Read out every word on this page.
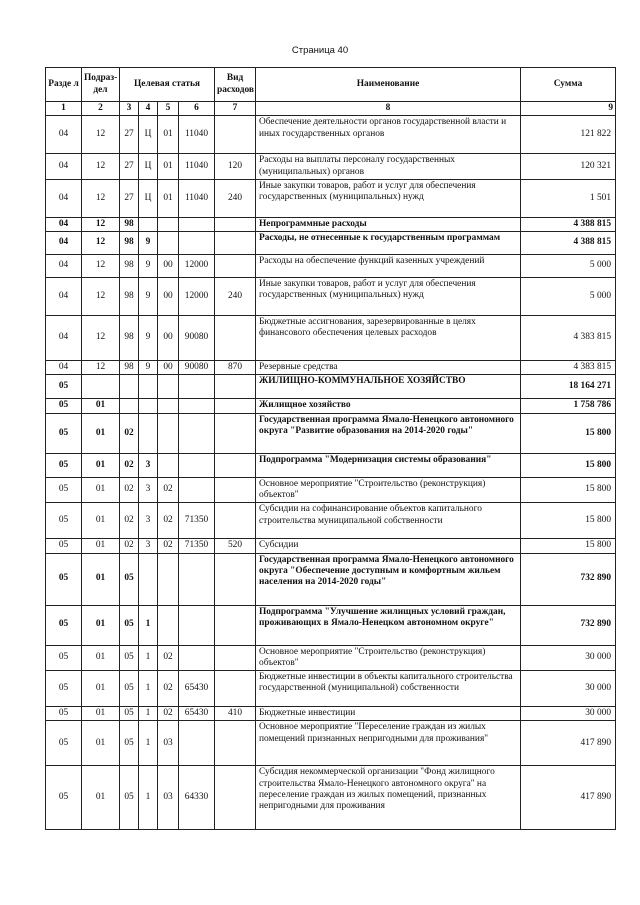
Страница 40
Разде л	Подраз-дел	Целевая статья				Вид расходов	Наименование	Сумма
1	2	3	4	5	6	7	8	9
04	12	27	Ц	01	11040		Обеспечение деятельности органов государственной власти и иных государственных органов	121 822
04	12	27	Ц	01	11040	120	Расходы на выплаты персоналу государственных (муниципальных) органов	120 321
04	12	27	Ц	01	11040	240	Иные закупки товаров, работ и услуг для обеспечения государственных (муниципальных) нужд	1 501
04	12	98					Непрограммные расходы	4 388 815
04	12	98	9				Расходы, не отнесенные к государственным программам	4 388 815
04	12	98	9	00	12000		Расходы на обеспечение функций казенных учреждений	5 000
04	12	98	9	00	12000	240	Иные закупки товаров, работ и услуг для обеспечения государственных (муниципальных) нужд	5 000
04	12	98	9	00	90080		Бюджетные ассигнования, зарезервированные в целях финансового обеспечения целевых расходов	4 383 815
04	12	98	9	00	90080	870	Резервные средства	4 383 815
05							ЖИЛИЩНО-КОММУНАЛЬНОЕ ХОЗЯЙСТВО	18 164 271
05	01						Жилищное хозяйство	1 758 786
05	01	02					Государственная программа Ямало-Ненецкого автономного округа "Развитие образования на 2014-2020 годы"	15 800
05	01	02	3				Подпрограмма "Модернизация системы образования"	15 800
05	01	02	3	02			Основное мероприятие "Строительство (реконструкция) объектов"	15 800
05	01	02	3	02	71350		Субсидии на софинансирование объектов капитального строительства муниципальной собственности	15 800
05	01	02	3	02	71350	520	Субсидии	15 800
05	01	05					Государственная программа Ямало-Ненецкого автономного округа "Обеспечение доступным и комфортным жильем населения на 2014-2020 годы"	732 890
05	01	05	1				Подпрограмма "Улучшение жилищных условий граждан, проживающих в Ямало-Ненецком автономном округе"	732 890
05	01	05	1	02			Основное мероприятие "Строительство (реконструкция) объектов"	30 000
05	01	05	1	02	65430		Бюджетные инвестиции в объекты капитального строительства государственной (муниципальной) собственности	30 000
05	01	05	1	02	65430	410	Бюджетные инвестиции	30 000
05	01	05	1	03			Основное мероприятие "Переселение граждан из жилых помещений признанных непригодными для проживания"	417 890
05	01	05	1	03	64330		Субсидия некоммерческой организации "Фонд жилищного строительства Ямало-Ненецкого автономного округа" на переселение граждан из жилых помещений, признанных непригодными для проживания	417 890
